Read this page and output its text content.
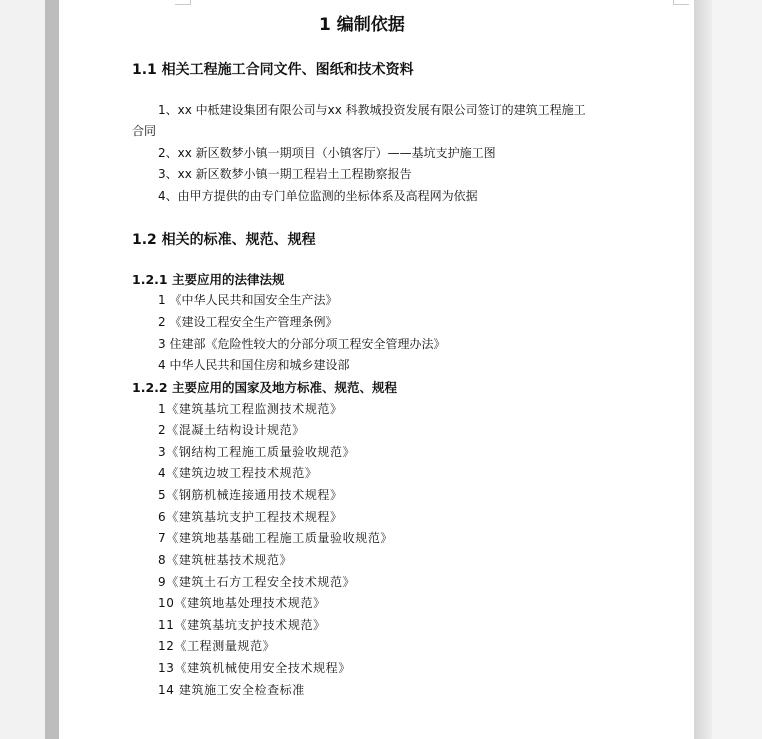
1 编制依据
1.1 相关工程施工合同文件、图纸和技术资料
1、xx 中柢建设集团有限公司与xx 科教城投资发展有限公司签订的建筑工程施工
合同
2、xx 新区数梦小镇一期项目（小镇客厅）——基坑支护施工图
3、xx 新区数梦小镇一期工程岩土工程勘察报告
4、由甲方提供的由专门单位监测的坐标体系及高程网为依据
1.2 相关的标准、规范、规程
1.2.1 主要应用的法律法规
1 《中华人民共和国安全生产法》
2 《建设工程安全生产管理条例》
3 住建部《危险性较大的分部分项工程安全管理办法》
4 中华人民共和国住房和城乡建设部
1.2.2 主要应用的国家及地方标准、规范、规程
1《建筑基坑工程监测技术规范》
2《混凝土结构设计规范》
3《钢结构工程施工质量验收规范》
4《建筑边坡工程技术规范》
5《钢筋机械连接通用技术规程》
6《建筑基坑支护工程技术规程》
7《建筑地基基础工程施工质量验收规范》
8《建筑桩基技术规范》
9《建筑土石方工程安全技术规范》
10《建筑地基处理技术规范》
11《建筑基坑支护技术规范》
12《工程测量规范》
13《建筑机械使用安全技术规程》
14 建筑施工安全检查标准
